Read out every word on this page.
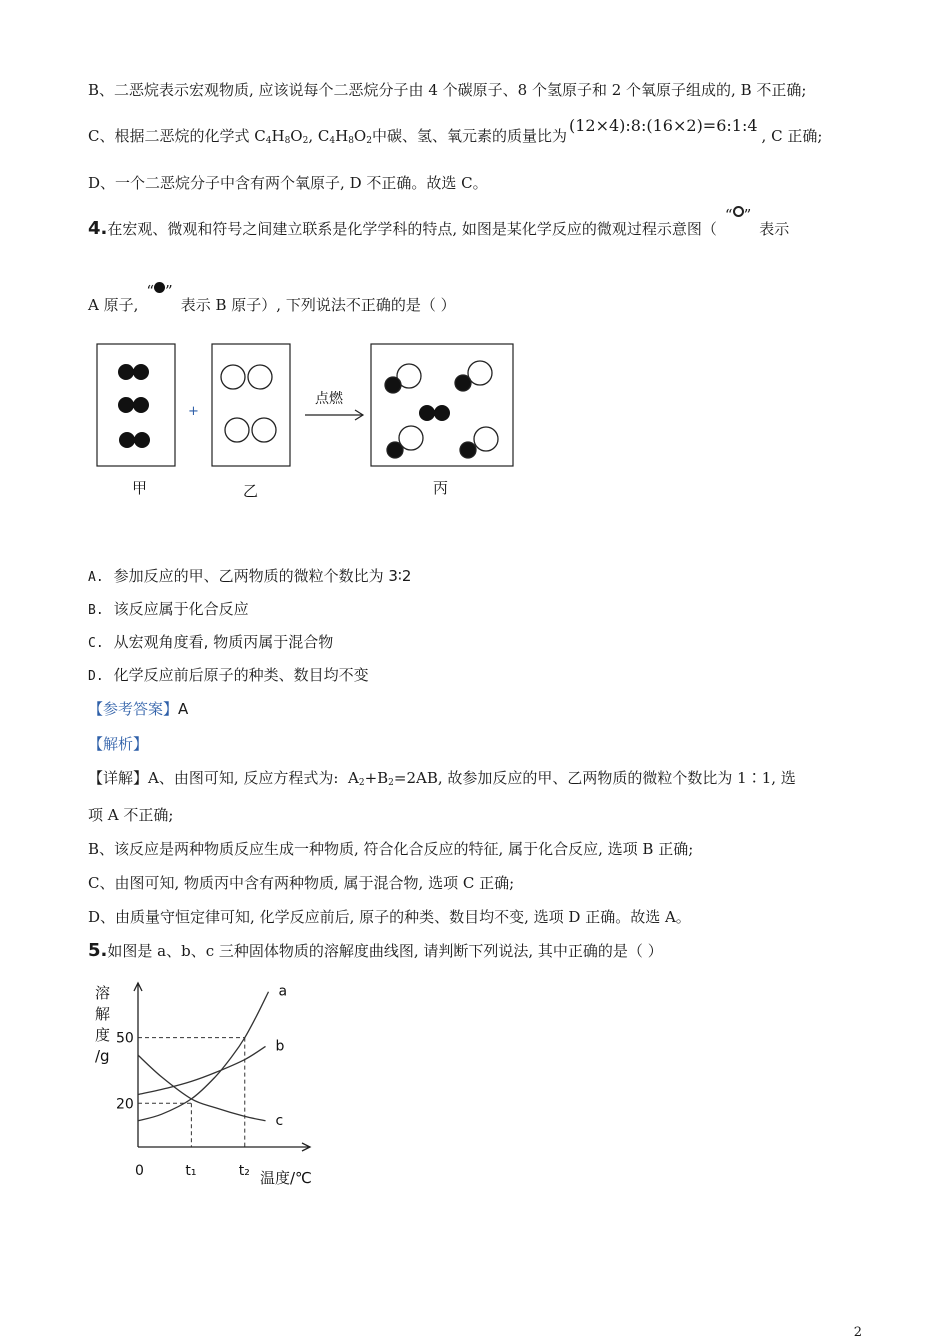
B、二恶烷表示宏观物质, 应该说每个二恶烷分子由 4 个碳原子、8 个氢原子和 2 个氧原子组成的, B 不正确;
C、根据二恶烷的化学式 $C_4H_8O_2$, $C_4H_8O_2$中碳、氢、氧元素的质量比为(12×4):8:(16×2)=6:1:4, C 正确;
D、一个二恶烷分子中含有两个氧原子, D 不正确。故选 C。
4.在宏观、微观和符号之间建立联系是化学学科的特点, 如图是某化学反应的微观过程示意图（“ ”表示
A 原子,“ ”表示 B 原子）, 下列说法不正确的是（ ）
+
点燃
甲	乙	丙
A. 参加反应的甲、乙两物质的微粒个数比为 3∶2
B. 该反应属于化合反应
C. 从宏观角度看, 物质丙属于混合物
D. 化学反应前后原子的种类、数目均不变
【参考答案】A
【解析】
【详解】A、由图可知, 反应方程式为: $A_2+B_2=2AB$, 故参加反应的甲、乙两物质的微粒个数比为 1∶1, 选
项 A 不正确;
B、该反应是两种物质反应生成一种物质, 符合化合反应的特征, 属于化合反应, 选项 B 正确;
C、由图可知, 物质丙中含有两种物质, 属于混合物, 选项 C 正确;
D、由质量守恒定律可知, 化学反应前后, 原子的种类、数目均不变, 选项 D 正确。故选 A。
5.如图是 a、b、c 三种固体物质的溶解度曲线图, 请判断下列说法, 其中正确的是（ ）
溶
解
度
/g
a
b
c
20
50
0	t₁	t₂ 温度/℃
2
